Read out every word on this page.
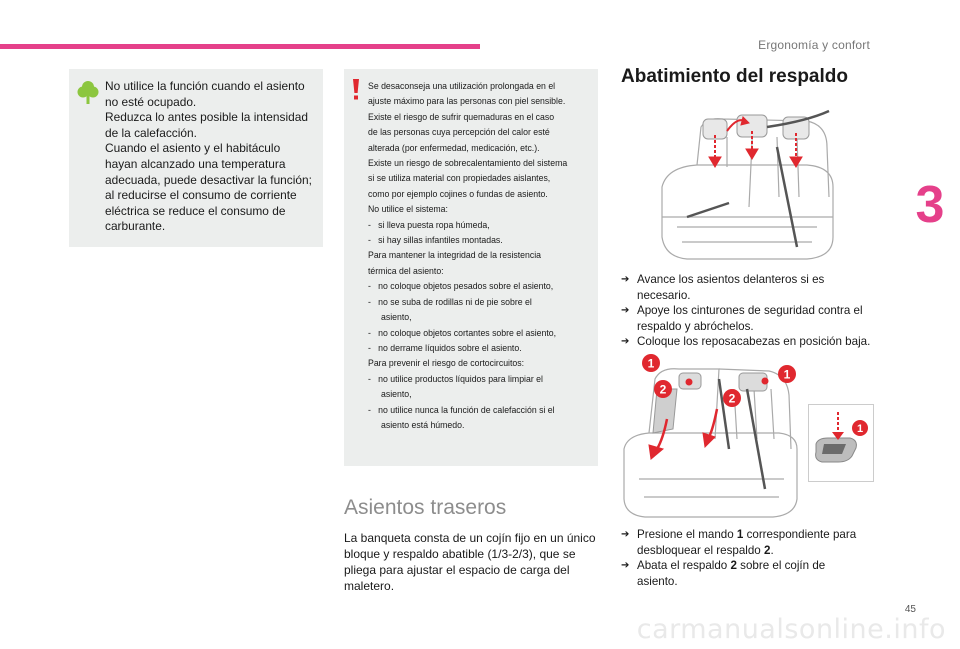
Ergonomía y confort
3

No utilice la función cuando el asiento

no esté ocupado.

Reduzca lo antes posible la intensidad

de la calefacción.

Cuando el asiento y el habitáculo

hayan alcanzado una temperatura

adecuada, puede desactivar la función;

al reducirse el consumo de corriente

eléctrica se reduce el consumo de

carburante.

Se desaconseja una utilización prolongada en el
ajuste máximo para las personas con piel sensible.
Existe el riesgo de sufrir quemaduras en el caso
de las personas cuya percepción del calor esté
alterada (por enfermedad, medicación, etc.).
Existe un riesgo de sobrecalentamiento del sistema
si se utiliza material con propiedades aislantes,
como por ejemplo cojines o fundas de asiento.
No utilice el sistema:
-   si lleva puesta ropa húmeda,
-   si hay sillas infantiles montadas.
Para mantener la integridad de la resistencia
térmica del asiento:
-   no coloque objetos pesados sobre el asiento,
-   no se suba de rodillas ni de pie sobre el
asiento,
-   no coloque objetos cortantes sobre el asiento,
-   no derrame líquidos sobre el asiento.
Para prevenir el riesgo de cortocircuitos:
-   no utilice productos líquidos para limpiar el
asiento,
-   no utilice nunca la función de calefacción si el
asiento está húmedo.
Asientos traseros
La banqueta consta de un cojín fijo en un único
bloque y respaldo abatible (1/3-2/3), que se
pliega para ajustar el espacio de carga del
maletero.
Abatimiento del respaldo
➔ Avance los asientos delanteros si es necesario.
➔ Apoye los cinturones de seguridad contra el
respaldo y abróchelos.
➔ Coloque los reposacabezas en posición baja.
1
2
1
2
1
➔ Presione el mando 1 correspondiente para
desbloquear el respaldo 2.
➔ Abata el respaldo 2 sobre el cojín de
asiento.
45
carmanualsonline.info
